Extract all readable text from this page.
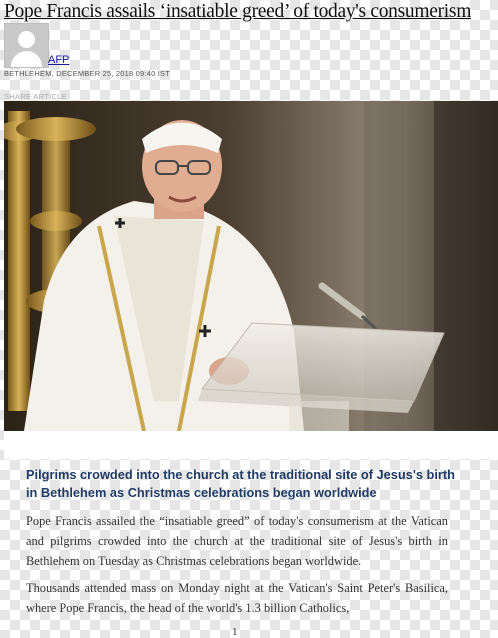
Pope Francis assails ‘insatiable greed’ of today's consumerism
AFP
BETHLEHEM, DECEMBER 25, 2018 09:40 IST
SHARE ARTICLE
Pilgrims crowded into the church at the traditional site of Jesus's birth in Bethlehem as Christmas celebrations began worldwide

Pope Francis assailed the “insatiable greed” of today's consumerism at the Vatican and pilgrims crowded into the church at the traditional site of Jesus's birth in Bethlehem on Tuesday as Christmas celebrations began worldwide.

Thousands attended mass on Monday night at the Vatican's Saint Peter's Basilica, where Pope Francis, the head of the world's 1.3 billion Catholics,

1
